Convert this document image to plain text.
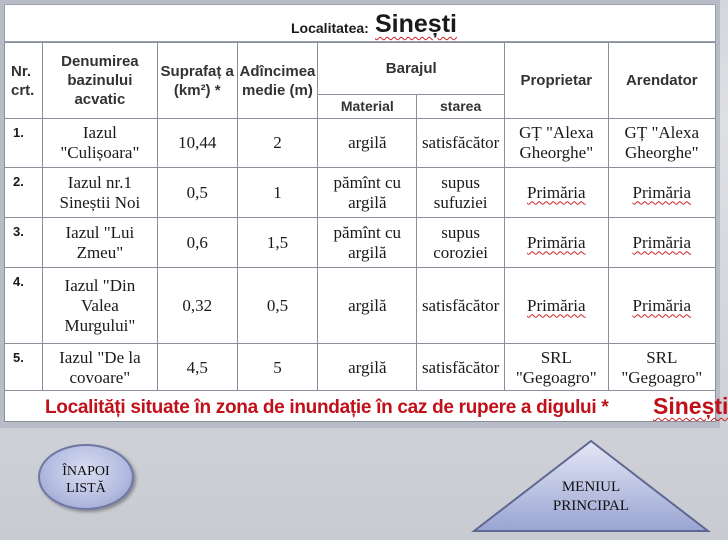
Localitatea: Sinești
Nr. crt.	Denumirea bazinului acvatic	Suprafaț a (km²) *	Adîncimea medie (m)	Barajul		Proprietar	Arendator
				Material	starea		
1.	Iazul "Culișoara"	10,44	2	argilă	satisfăcător	GȚ "Alexa Gheorghe"	GȚ "Alexa Gheorghe"
2.	Iazul nr.1 Sineștii Noi	0,5	1	pămînt cu argilă	supus sufuziei	Primăria	Primăria
3.	Iazul "Lui Zmeu"	0,6	1,5	pămînt cu argilă	supus coroziei	Primăria	Primăria
4.	Iazul "Din Valea Murgului"	0,32	0,5	argilă	satisfăcător	Primăria	Primăria
5.	Iazul "De la covoare"	4,5	5	argilă	satisfăcător	SRL "Gegoagro"	SRL "Gegoagro"
Localități situate în zona de inundație în caz de rupere a digului * Sinești
ÎNAPOI
LISTĂ	MENIUL
PRINCIPAL
